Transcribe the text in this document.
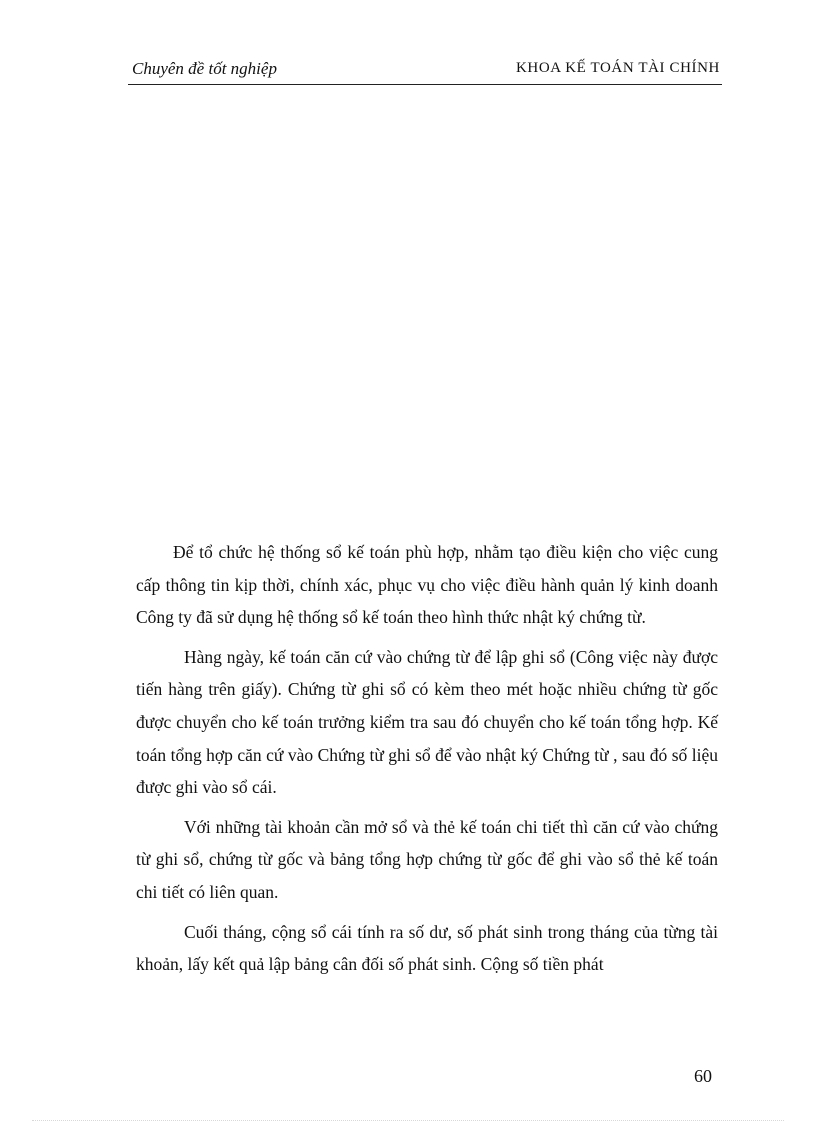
Chuyên đề tốt nghiệp	KHOA KẾ TOÁN TÀI CHÍNH

Để tổ chức hệ thống sổ kế toán phù hợp, nhằm tạo điều kiện cho việc cung cấp thông tin kịp thời, chính xác, phục vụ cho việc điều hành quản lý kinh doanh Công ty đã sử dụng hệ thống sổ kế toán theo hình thức nhật ký chứng từ.

Hàng ngày, kế toán căn cứ vào chứng từ để lập ghi sổ (Công việc này được tiến hàng trên giấy). Chứng từ ghi sổ có kèm theo mét hoặc nhiều chứng từ gốc được chuyển cho kế toán trưởng kiểm tra sau đó chuyển cho kế toán tổng hợp. Kế toán tổng hợp căn cứ vào Chứng từ ghi sổ để vào nhật ký Chứng từ , sau đó số liệu được ghi vào sổ cái.

Với những tài khoản cần mở sổ và thẻ kế toán chi tiết thì căn cứ vào chứng từ ghi sổ, chứng từ gốc và bảng tổng hợp chứng từ gốc để ghi vào sổ thẻ kế toán chi tiết có liên quan.

Cuối tháng, cộng sổ cái tính ra số dư, số phát sinh trong tháng của từng tài khoản, lấy kết quả lập bảng cân đối số phát sinh. Cộng số tiền phát

60
